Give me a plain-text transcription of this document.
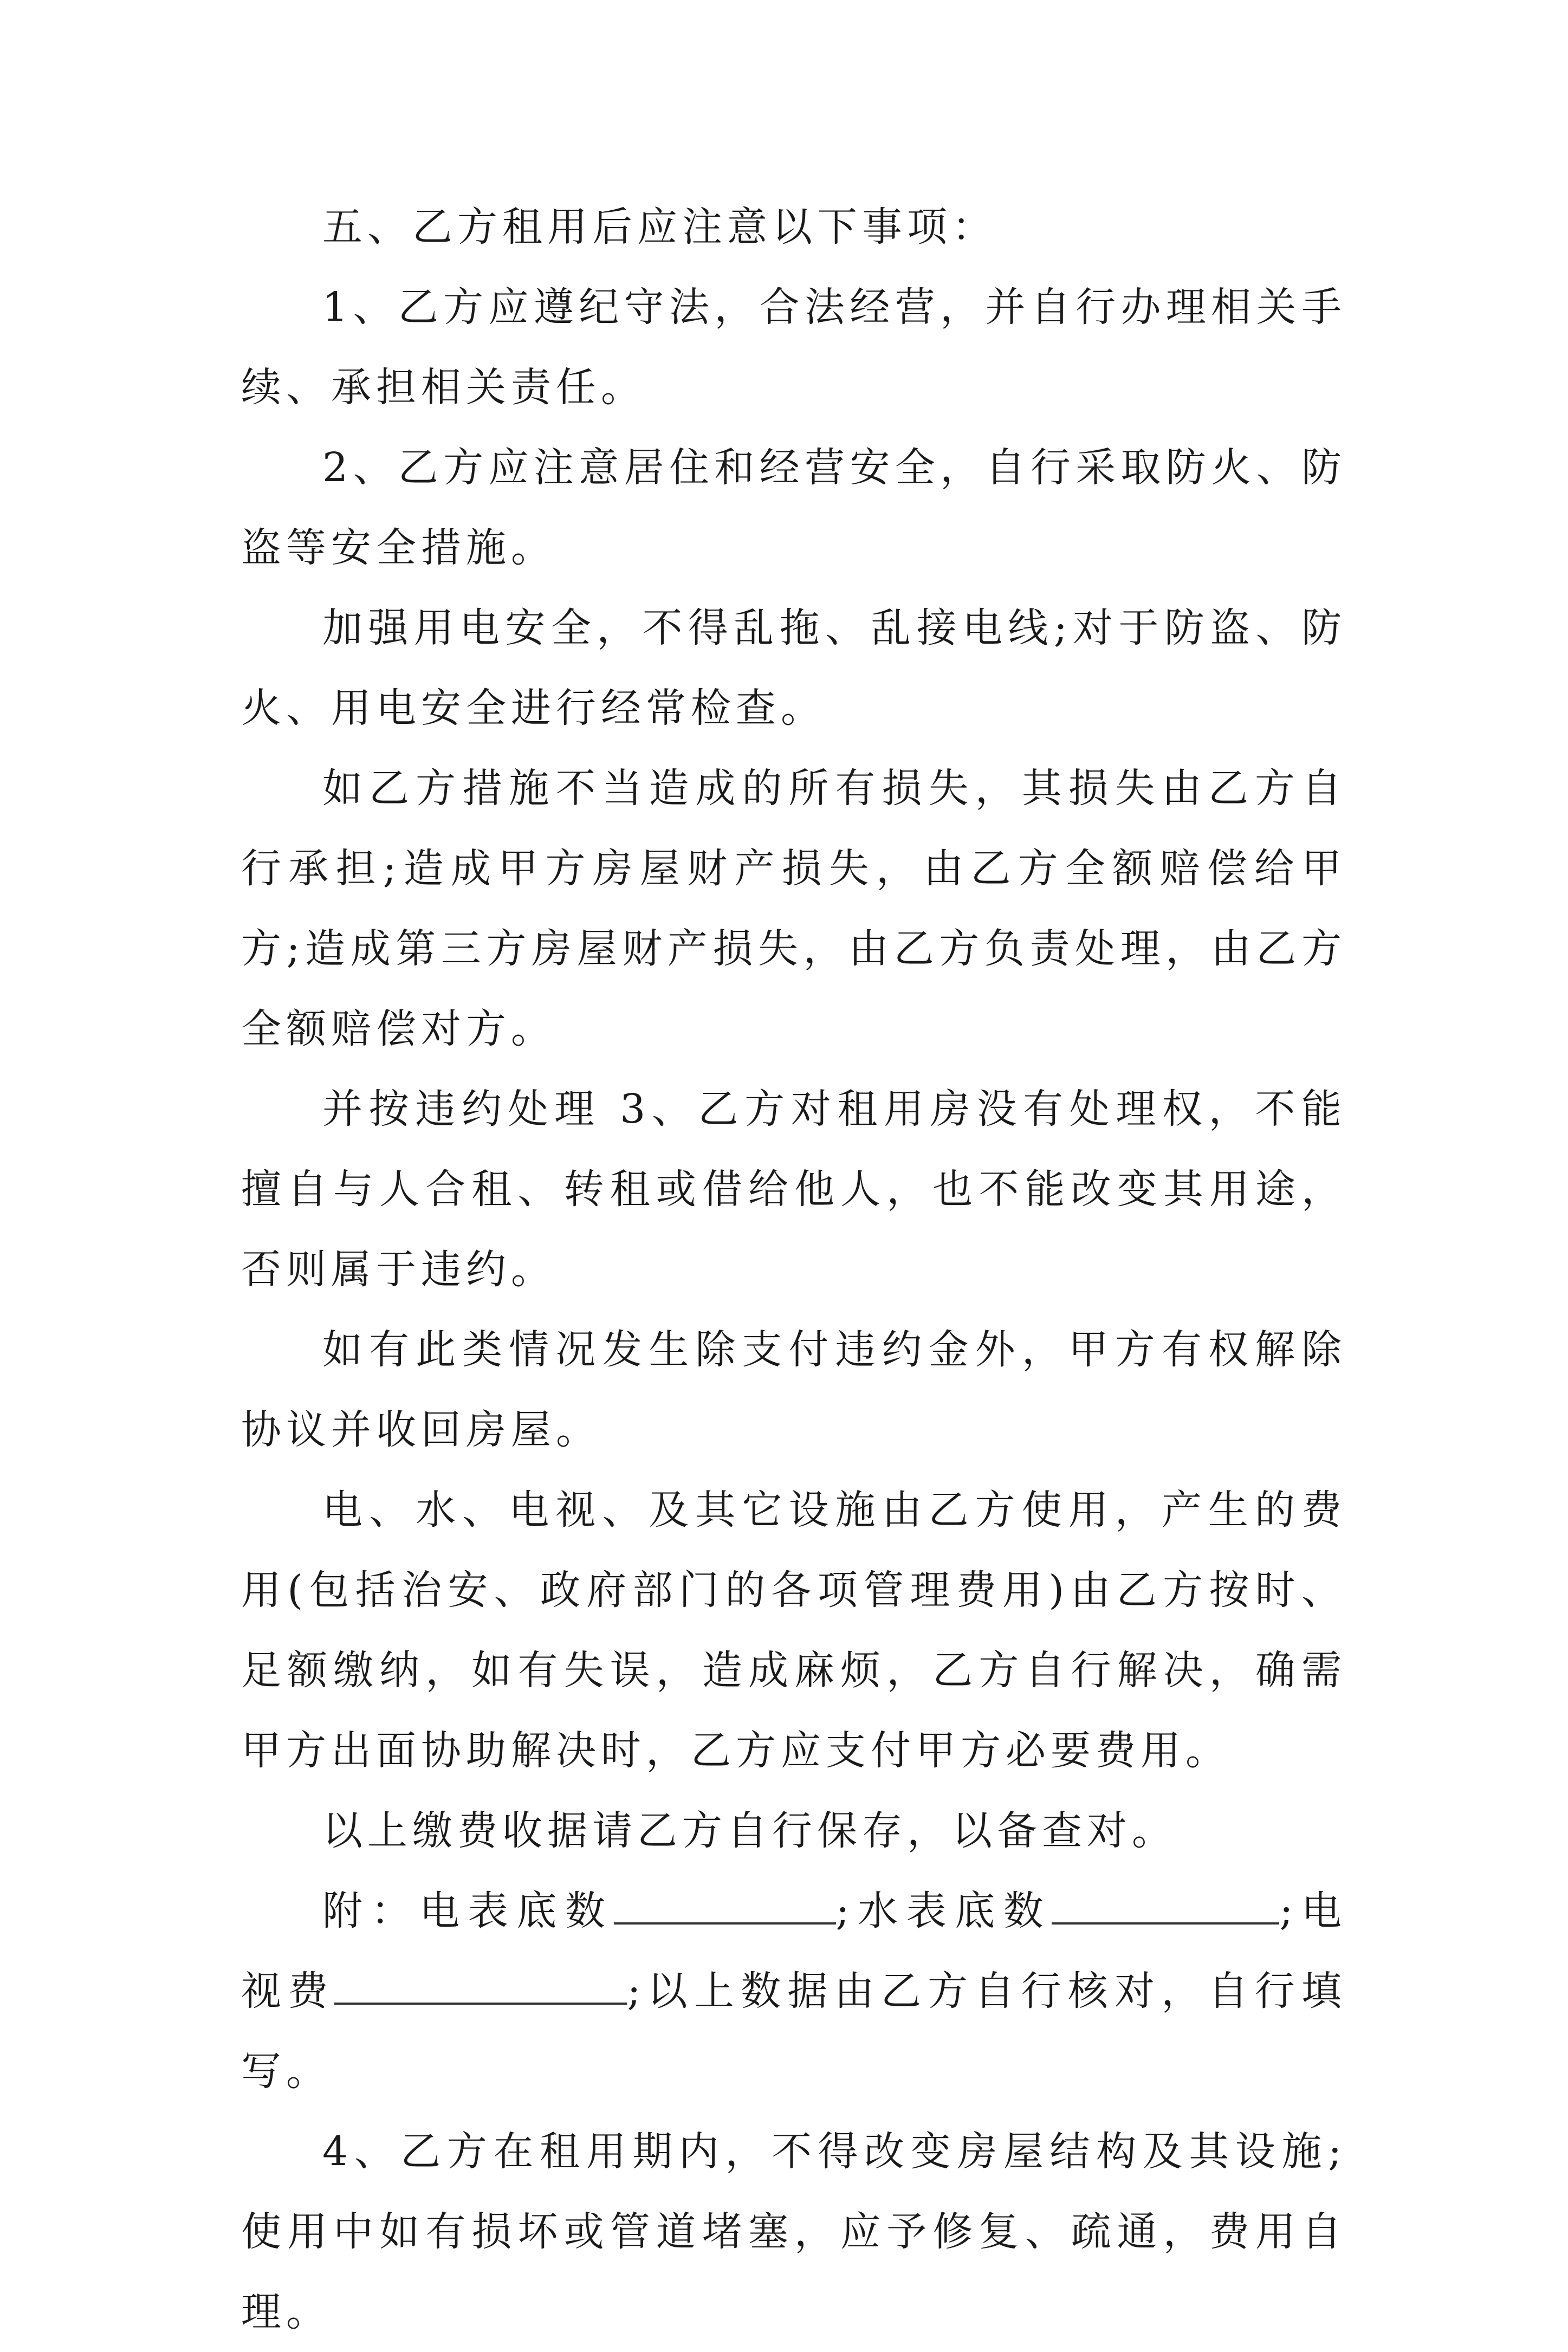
五、乙方租用后应注意以下事项：

1、乙方应遵纪守法，合法经营，并自行办理相关手续、承担相关责任。

2、乙方应注意居住和经营安全，自行采取防火、防盗等安全措施。

加强用电安全，不得乱拖、乱接电线;对于防盗、防火、用电安全进行经常检查。

如乙方措施不当造成的所有损失，其损失由乙方自行承担;造成甲方房屋财产损失，由乙方全额赔偿给甲方;造成第三方房屋财产损失，由乙方负责处理，由乙方全额赔偿对方。

并按违约处理 3、乙方对租用房没有处理权，不能擅自与人合租、转租或借给他人，也不能改变其用途，否则属于违约。

如有此类情况发生除支付违约金外，甲方有权解除协议并收回房屋。

电、水、电视、及其它设施由乙方使用，产生的费用(包括治安、政府部门的各项管理费用)由乙方按时、足额缴纳，如有失误，造成麻烦，乙方自行解决，确需甲方出面协助解决时，乙方应支付甲方必要费用。

以上缴费收据请乙方自行保存，以备查对。

附：电表底数	;水表底数	;电视费	;以上数据由乙方自行核对，自行填写。

4、乙方在租用期内，不得改变房屋结构及其设施;使用中如有损坏或管道堵塞，应予修复、疏通，费用自理。
